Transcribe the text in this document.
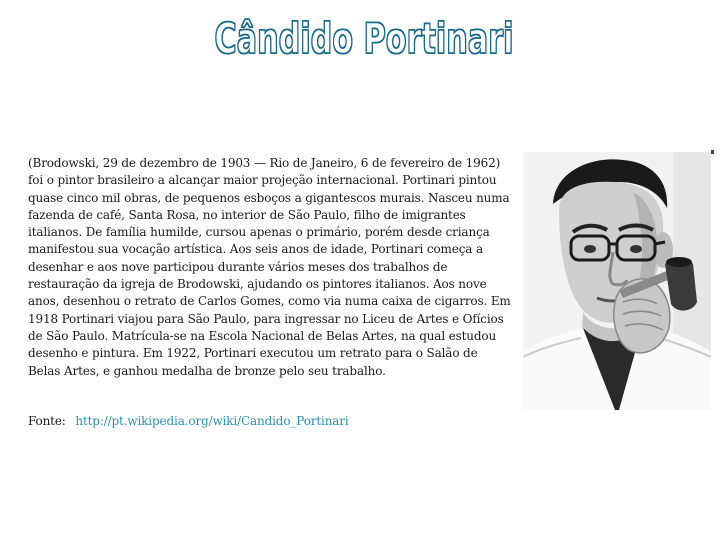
Cândido Portinari

(Brodowski, 29 de dezembro de 1903 — Rio de Janeiro, 6 de fevereiro de 1962) foi o pintor brasileiro a alcançar maior projeção internacional. Portinari pintou quase cinco mil obras, de pequenos esboços a gigantescos murais. Nasceu numa fazenda de café, Santa Rosa, no interior de São Paulo, filho de imigrantes italianos. De família humilde, cursou apenas o primário, porém desde criança manifestou sua vocação artística. Aos seis anos de idade, Portinari começa a desenhar e aos nove participou durante vários meses dos trabalhos de restauração da igreja de Brodowski, ajudando os pintores italianos. Aos nove anos, desenhou o retrato de Carlos Gomes, como via numa caixa de cigarros. Em 1918 Portinari viajou para São Paulo, para ingressar no Liceu de Artes e Ofícios de São Paulo. Matrícula-se na Escola Nacional de Belas Artes, na qual estudou desenho e pintura. Em 1922, Portinari executou um retrato para o Salão de Belas Artes, e ganhou medalha de bronze pelo seu trabalho.

Fonte: http://pt.wikipedia.org/wiki/Candido_Portinari
